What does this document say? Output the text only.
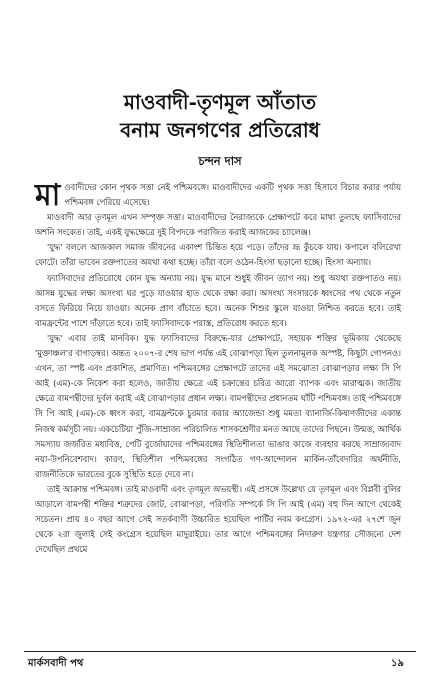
মাওবাদী-তৃণমূল আঁতাত
বনাম জনগণের প্রতিরোধ
চন্দন দাস

মাওবাদীদের কোন পৃথক সত্তা নেই পশ্চিমবঙ্গে। মাওবাদীদের একটি পৃথক সত্তা হিসাবে বিচার করার পর্যায় পশ্চিমবঙ্গ পেরিয়ে এসেছে।

মাওবাদী আর তৃণমূল এখন সম্পৃক্ত সত্তা। মাওবাদীদের নৈরাজ্যকে প্রেক্ষাপটে করে মাথা তুলছে ফ্যাসিবাদের অশনি সংকেত। তাই, একই যুদ্ধক্ষেত্রে দুই বিপদকে পরাজিত করাই আজকের চ্যালেঞ্জ।

'যুদ্ধ' বললে আজকাল সমাজ জীবনের একাংশ চিন্তিত হয়ে পড়ে। তাঁদের ভ্রূ কুঁচকে যায়। কপালে বলিরেখা ফোটে। তাঁরা ভাবেন রক্তপাতের অযথা কথা হচ্ছে। তাঁরা বলে ওঠেন-হিংসা ছড়ানো হচ্ছে। হিংসা অন্যায়।

ফ্যাসিবাদের প্রতিরোধে কোন যুদ্ধ অন্যায় নয়। যুদ্ধ মানে শুধুই জীবন ত্যাগ নয়। শুধু অযথা রক্তপাতও নয়। আসন্ন যুদ্ধের লক্ষ্য অসংখ্য ঘর পুড়ে যাওয়ার হাত থেকে রক্ষা করা। অসংখ্য সংসারকে ধ্বংসের পথ থেকে নতুন বসতে ফিরিয়ে নিয়ে যাওয়া। অনেক প্রাণ বাঁচাতে হবে। অনেক শিশুর স্কুলে যাওয়া নিশ্চিত করতে হবে। তাই বামফ্রন্টের পাশে দাঁড়াতে হবে। তাই ফ্যাসিবাদকে পরাস্ত, প্রতিরোধ করতে হবে।

'যুদ্ধ' এবার তাই মানবিক। যুদ্ধ ফ্যাসিবাদের বিরুদ্ধে-যার প্রেক্ষাপটে, সহায়ক শক্তির ভূমিকায় থেকেছে 'মুক্তাঞ্চল'র বাগাড়ম্বর। অন্তত ২০০৭-র শেষ ভাগ পর্যন্ত এই বোঝাপড়া ছিল তুলনামূলক অস্পষ্ট, কিছুটা গোপনও। এখন, তা স্পষ্ট এবং প্রকাশিত, প্রমাণিত। পশ্চিমবঙ্গের প্রেক্ষাপটে তাদের এই সমঝোতা বোঝাপড়ার লক্ষ্য সি পি আই (এম)-কে নিকেশ করা হলেও, জাতীয় ক্ষেত্রে এই চক্রান্তের চরিত্র আরো ব্যাপক এবং মারাত্মক। জাতীয় ক্ষেত্রে বামপন্থীদের দুর্বল করাই এই বোঝাপড়ার প্রধান লক্ষ্য। বামপন্থীদের প্রধানতম ঘাঁটি পশ্চিমবঙ্গ। তাই পশ্চিমবঙ্গে সি পি আই (এম)-কে ধ্বংস করা, বামফ্রন্টকে চুরমার করার অ্যাজেন্ডা শুধু মমতা ব্যানার্জি-কিষাণজীদের একান্ত নিজস্ব কর্মসূচী নয়। একচেটিয়া পুঁজি-সাম্রাজ্য পরিচালিত শাসকশ্রেণীর মনত আছে তাদের পিছনে। উন্মত্ত, আর্থিক সমস্যায় জর্জরিত মধ্যবিত্ত, পেটি বুর্জোয়াদের পশ্চিমবঙ্গের স্থিতিশীলতা ভাঙার কাজে ব্যবহার করছে সাম্রাজ্যবাদ নয়া-উপনিবেশবাদ। কারণ, স্থিতিশীল পশ্চিমবঙ্গের সংগঠিত গণ-আন্দোলন মার্কিন-তাঁবেদারির অর্থনীতি, রাজনীতিকে ভারতের বুকে সুস্থিতি হতে দেবে না।

তাই আক্রান্ত পশ্চিমবঙ্গ। তাই মাওবাদী এবং তৃণমূল অভয়স্থী। এই প্রসঙ্গে উল্লেখ্য যে তৃণমূল এবং বিপ্লবী বুলির আড়ালে বামপন্থী শক্তির শত্রুদের জোট, বোঝাপড়া, পরিণতি সম্পর্কে সি পি আই (এম) বহু দিন আগে থেকেই সচেতন। প্রায় ৪০ বছর আগে সেই সতর্কবাণী উচ্চারিত হয়েছিল পার্টির নবম কংগ্রেস। ১৯৭২-এর ২৭শে জুন থেকে ২রা জুলাই সেই কংগ্রেস হয়েছিল মাদুরাইয়ে। তার আগে পশ্চিমবঙ্গের নিদারুণ যন্ত্রণার সৌজন্যে দেশ দেখেছিল প্রথমে

মার্কসবাদী পথ	১৯
